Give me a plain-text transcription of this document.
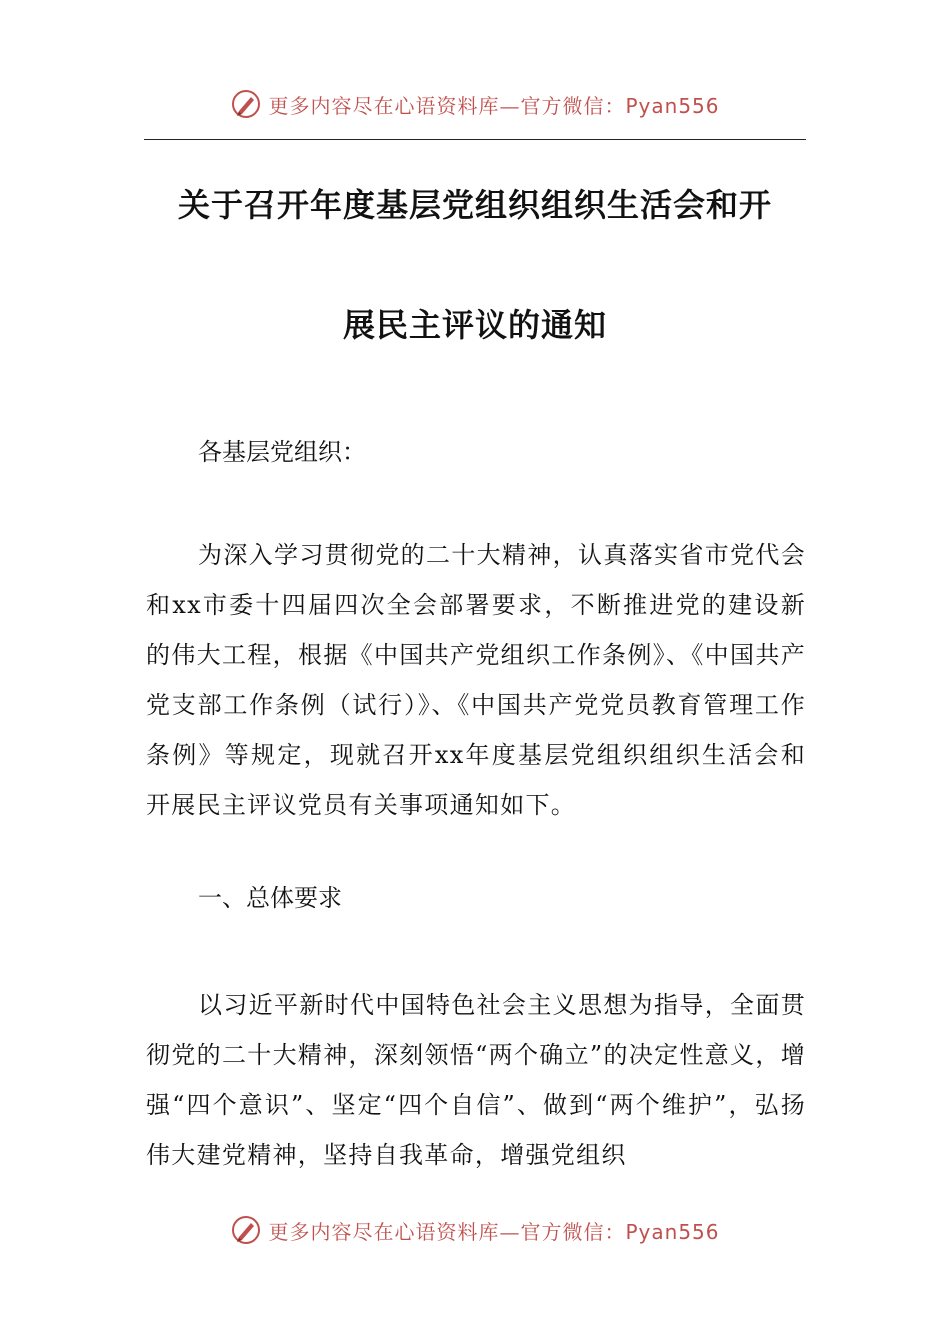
更多内容尽在心语资料库—官方微信：Pyan556
关于召开年度基层党组织组织生活会和开
展民主评议的通知
各基层党组织：
为深入学习贯彻党的二十大精神，认真落实省市党代会和xx市委十四届四次全会部署要求，不断推进党的建设新的伟大工程，根据《中国共产党组织工作条例》、《中国共产党支部工作条例（试行）》、《中国共产党党员教育管理工作条例》等规定，现就召开xx年度基层党组织组织生活会和开展民主评议党员有关事项通知如下。
一、总体要求
以习近平新时代中国特色社会主义思想为指导，全面贯彻党的二十大精神，深刻领悟“两个确立”的决定性意义，增强“四个意识”、坚定“四个自信”、做到“两个维护”，弘扬伟大建党精神，坚持自我革命，增强党组织
更多内容尽在心语资料库—官方微信：Pyan556
